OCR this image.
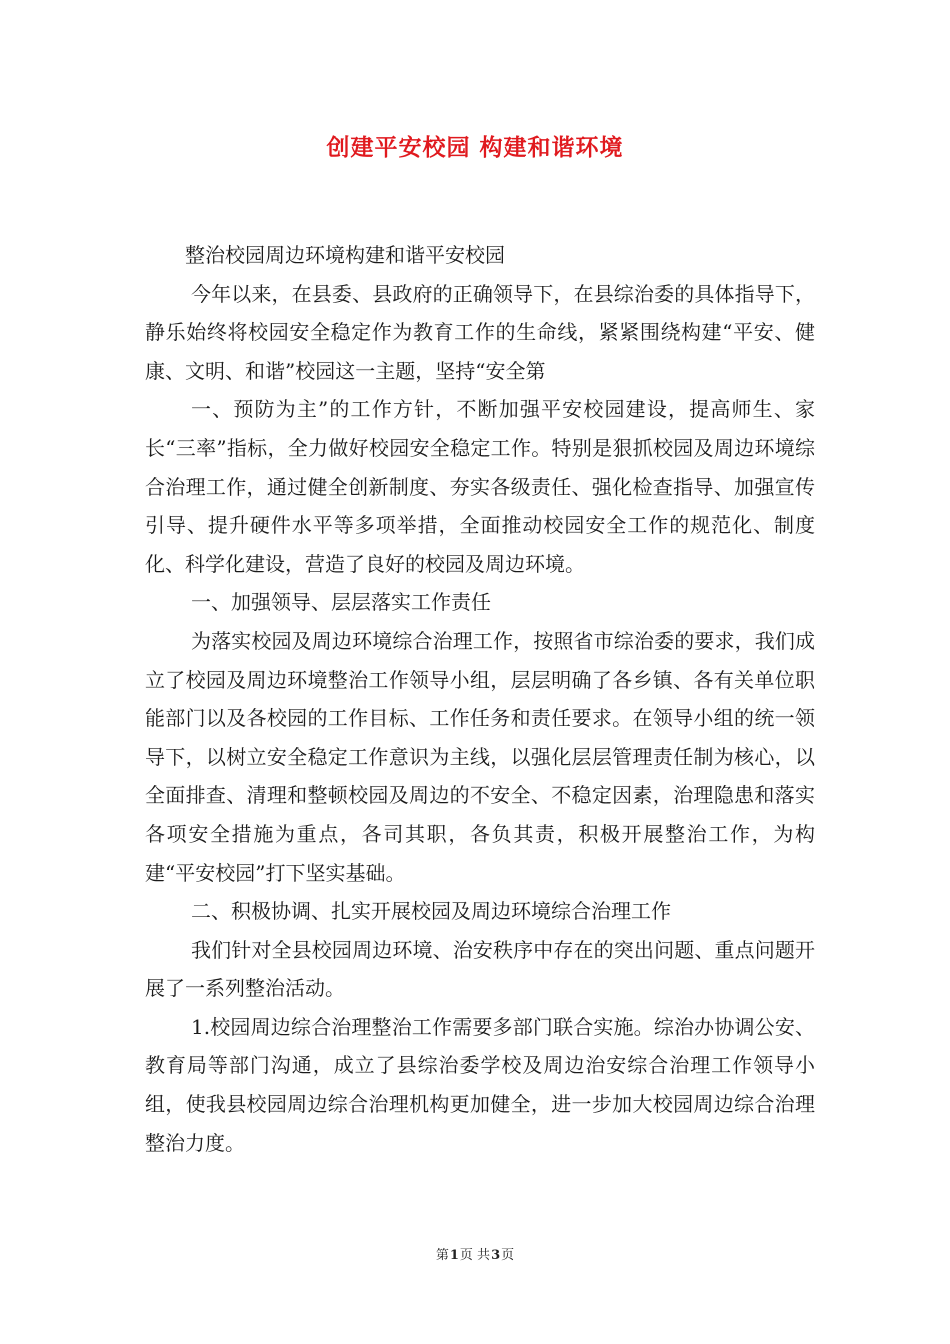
创建平安校园 构建和谐环境

整治校园周边环境构建和谐平安校园

今年以来，在县委、县政府的正确领导下，在县综治委的具体指导下，静乐始终将校园安全稳定作为教育工作的生命线，紧紧围绕构建“平安、健康、文明、和谐”校园这一主题，坚持“安全第

一、预防为主”的工作方针，不断加强平安校园建设，提高师生、家长“三率”指标，全力做好校园安全稳定工作。特别是狠抓校园及周边环境综合治理工作，通过健全创新制度、夯实各级责任、强化检查指导、加强宣传引导、提升硬件水平等多项举措，全面推动校园安全工作的规范化、制度化、科学化建设，营造了良好的校园及周边环境。

一、加强领导、层层落实工作责任

为落实校园及周边环境综合治理工作，按照省市综治委的要求，我们成立了校园及周边环境整治工作领导小组，层层明确了各乡镇、各有关单位职能部门以及各校园的工作目标、工作任务和责任要求。在领导小组的统一领导下，以树立安全稳定工作意识为主线，以强化层层管理责任制为核心，以全面排查、清理和整顿校园及周边的不安全、不稳定因素，治理隐患和落实各项安全措施为重点，各司其职，各负其责，积极开展整治工作，为构建“平安校园”打下坚实基础。

二、积极协调、扎实开展校园及周边环境综合治理工作

我们针对全县校园周边环境、治安秩序中存在的突出问题、重点问题开展了一系列整治活动。

1.校园周边综合治理整治工作需要多部门联合实施。综治办协调公安、教育局等部门沟通，成立了县综治委学校及周边治安综合治理工作领导小组，使我县校园周边综合治理机构更加健全，进一步加大校园周边综合治理整治力度。

第1页 共3页
